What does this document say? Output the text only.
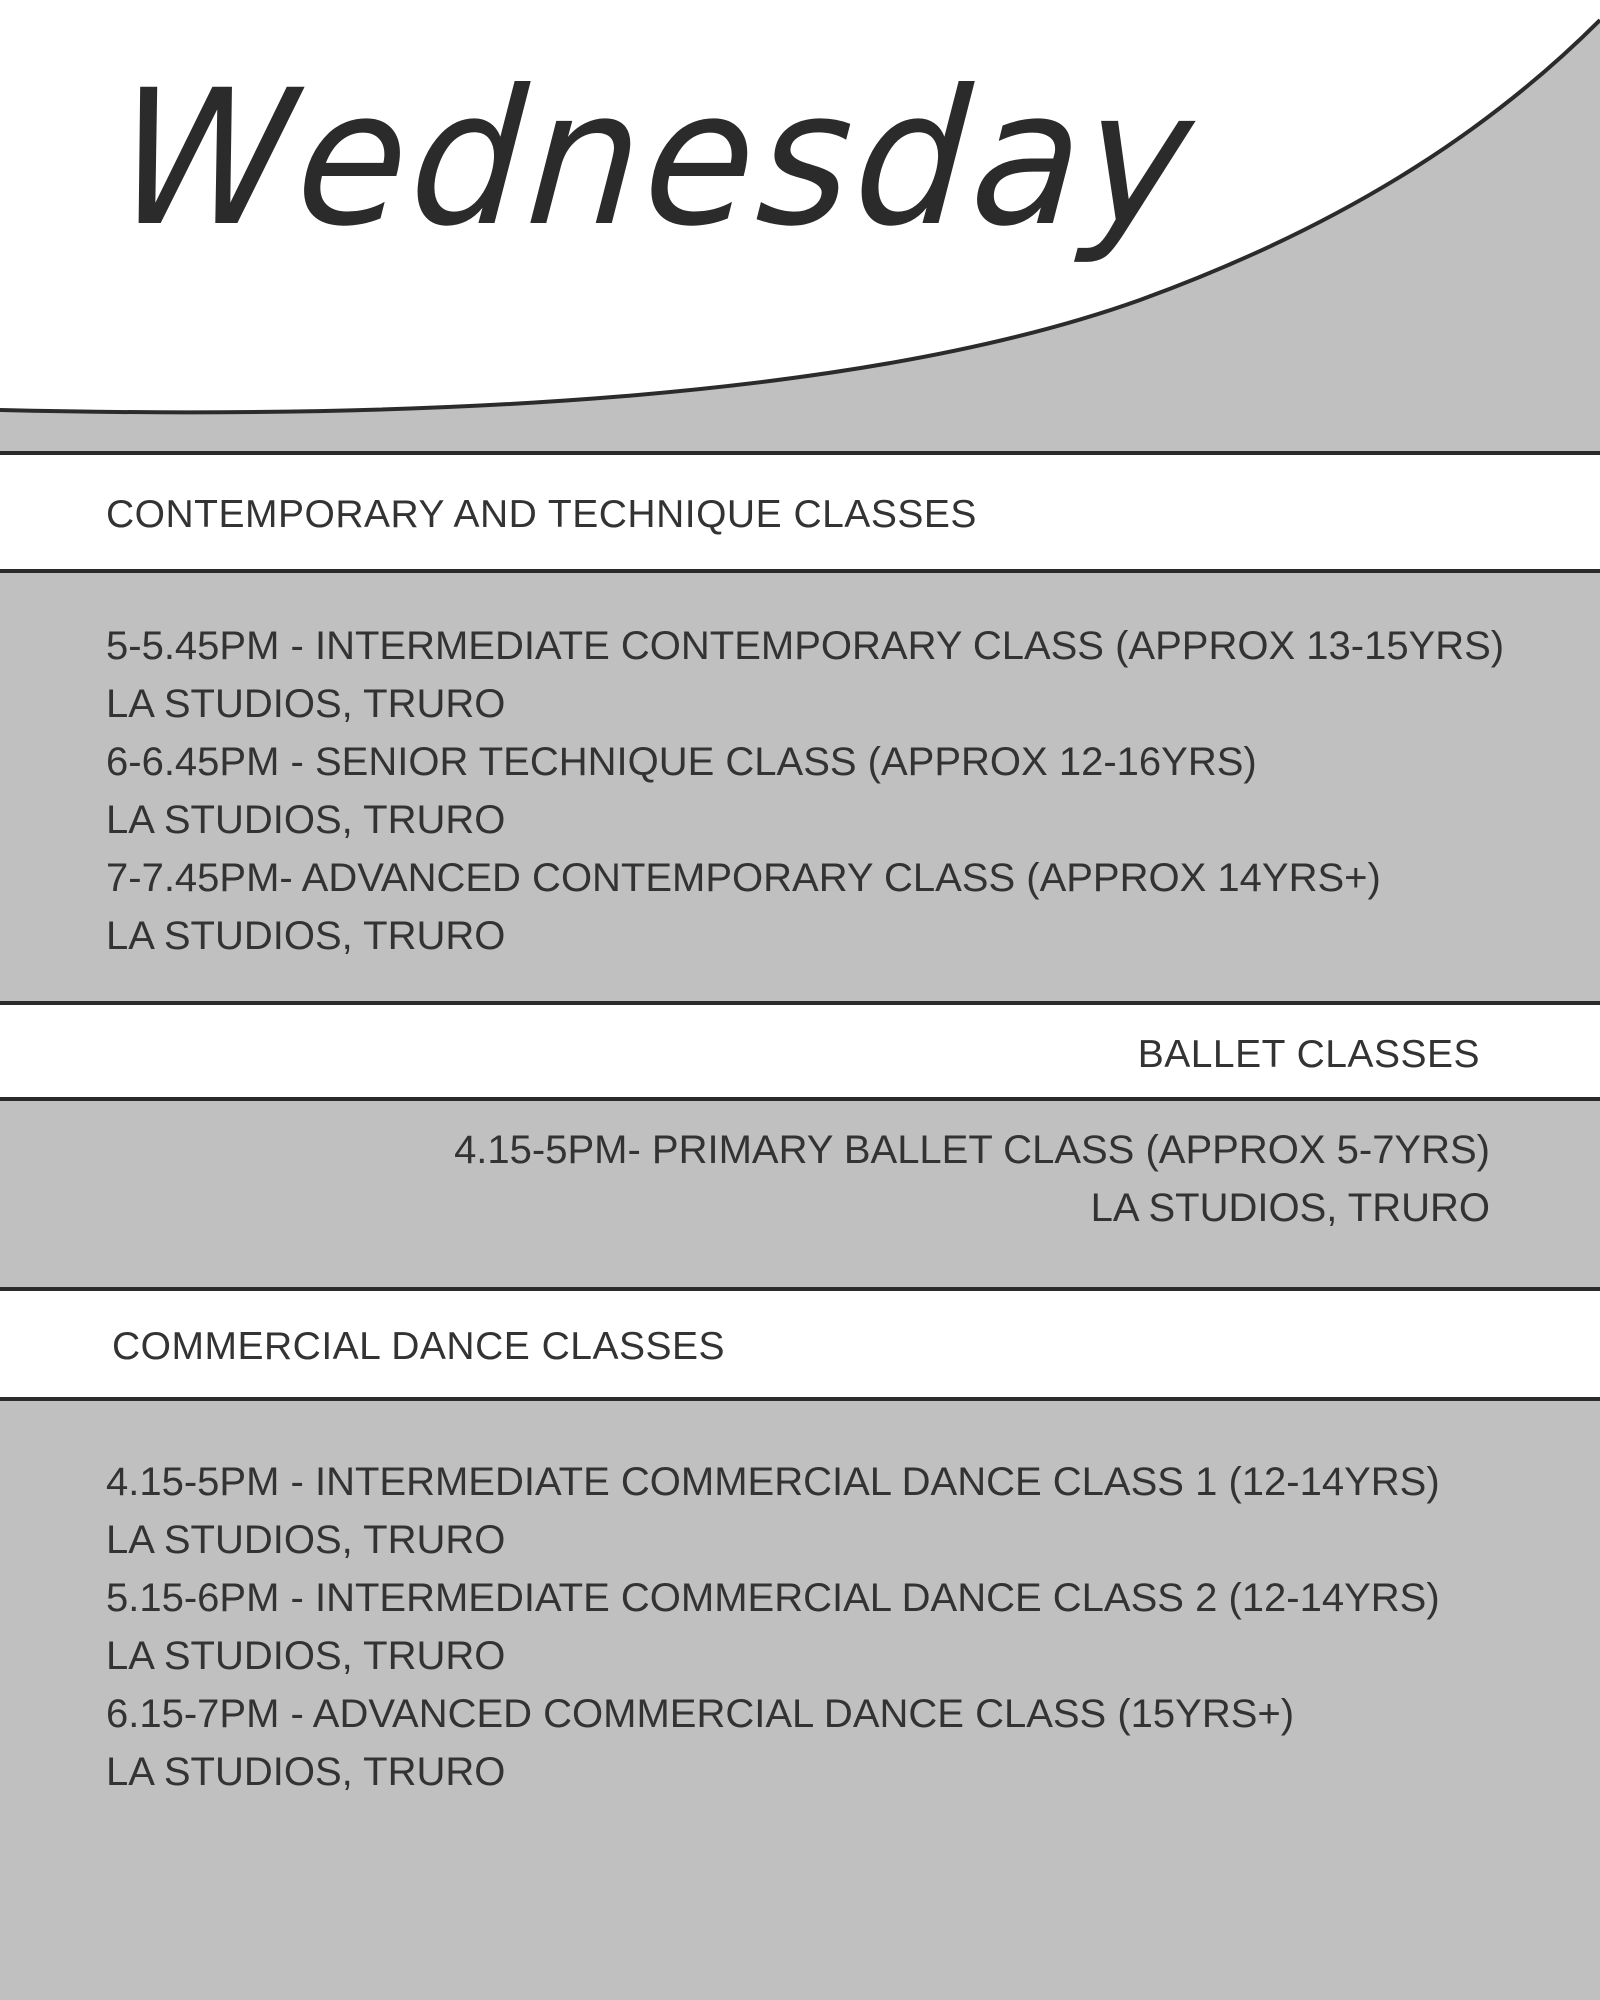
Wednesday
CONTEMPORARY AND TECHNIQUE CLASSES
5-5.45PM - INTERMEDIATE CONTEMPORARY CLASS (APPROX 13-15YRS)
LA STUDIOS, TRURO
6-6.45PM - SENIOR TECHNIQUE CLASS (APPROX 12-16YRS)
LA STUDIOS, TRURO
7-7.45PM- ADVANCED CONTEMPORARY CLASS (APPROX 14YRS+)
LA STUDIOS, TRURO
BALLET CLASSES
4.15-5PM- PRIMARY BALLET CLASS (APPROX 5-7YRS)
LA STUDIOS, TRURO
COMMERCIAL DANCE CLASSES
4.15-5PM - INTERMEDIATE COMMERCIAL DANCE CLASS 1 (12-14YRS)
LA STUDIOS, TRURO
5.15-6PM - INTERMEDIATE COMMERCIAL DANCE CLASS 2 (12-14YRS)
LA STUDIOS, TRURO
6.15-7PM - ADVANCED COMMERCIAL DANCE CLASS (15YRS+)
LA STUDIOS, TRURO
